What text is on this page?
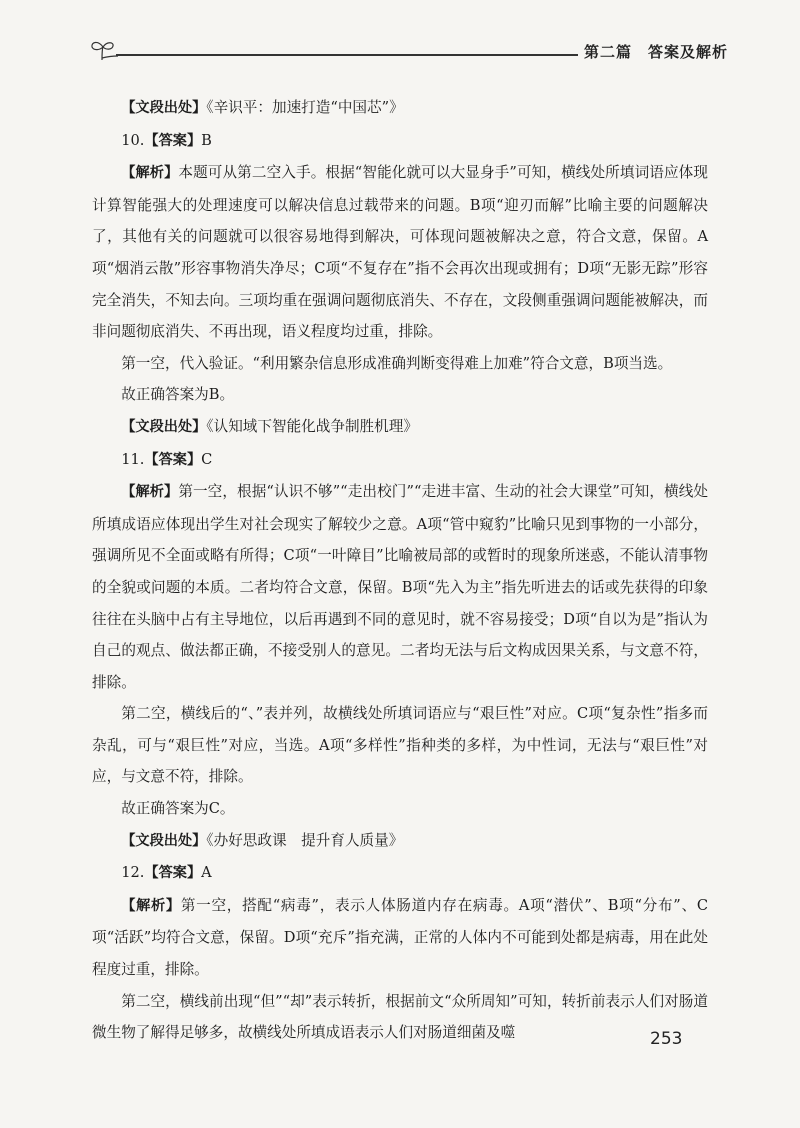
第二篇　答案及解析

【文段出处】《辛识平：加速打造“中国芯”》

10.【答案】B

【解析】本题可从第二空入手。根据“智能化就可以大显身手”可知，横线处所填词语应体现计算智能强大的处理速度可以解决信息过载带来的问题。B项“迎刃而解”比喻主要的问题解决了，其他有关的问题就可以很容易地得到解决，可体现问题被解决之意，符合文意，保留。A项“烟消云散”形容事物消失净尽；C项“不复存在”指不会再次出现或拥有；D项“无影无踪”形容完全消失，不知去向。三项均重在强调问题彻底消失、不存在，文段侧重强调问题能被解决，而非问题彻底消失、不再出现，语义程度均过重，排除。

第一空，代入验证。“利用繁杂信息形成准确判断变得难上加难”符合文意，B项当选。

故正确答案为B。

【文段出处】《认知域下智能化战争制胜机理》

11.【答案】C

【解析】第一空，根据“认识不够”“走出校门”“走进丰富、生动的社会大课堂”可知，横线处所填成语应体现出学生对社会现实了解较少之意。A项“管中窥豹”比喻只见到事物的一小部分，强调所见不全面或略有所得；C项“一叶障目”比喻被局部的或暂时的现象所迷惑，不能认清事物的全貌或问题的本质。二者均符合文意，保留。B项“先入为主”指先听进去的话或先获得的印象往往在头脑中占有主导地位，以后再遇到不同的意见时，就不容易接受；D项“自以为是”指认为自己的观点、做法都正确，不接受别人的意见。二者均无法与后文构成因果关系，与文意不符，排除。

第二空，横线后的“、”表并列，故横线处所填词语应与“艰巨性”对应。C项“复杂性”指多而杂乱，可与“艰巨性”对应，当选。A项“多样性”指种类的多样，为中性词，无法与“艰巨性”对应，与文意不符，排除。

故正确答案为C。

【文段出处】《办好思政课　提升育人质量》

12.【答案】A

【解析】第一空，搭配“病毒”，表示人体肠道内存在病毒。A项“潜伏”、B项“分布”、C项“活跃”均符合文意，保留。D项“充斥”指充满，正常的人体内不可能到处都是病毒，用在此处程度过重，排除。

第二空，横线前出现“但”“却”表示转折，根据前文“众所周知”可知，转折前表示人们对肠道微生物了解得足够多，故横线处所填成语表示人们对肠道细菌及噬	253
